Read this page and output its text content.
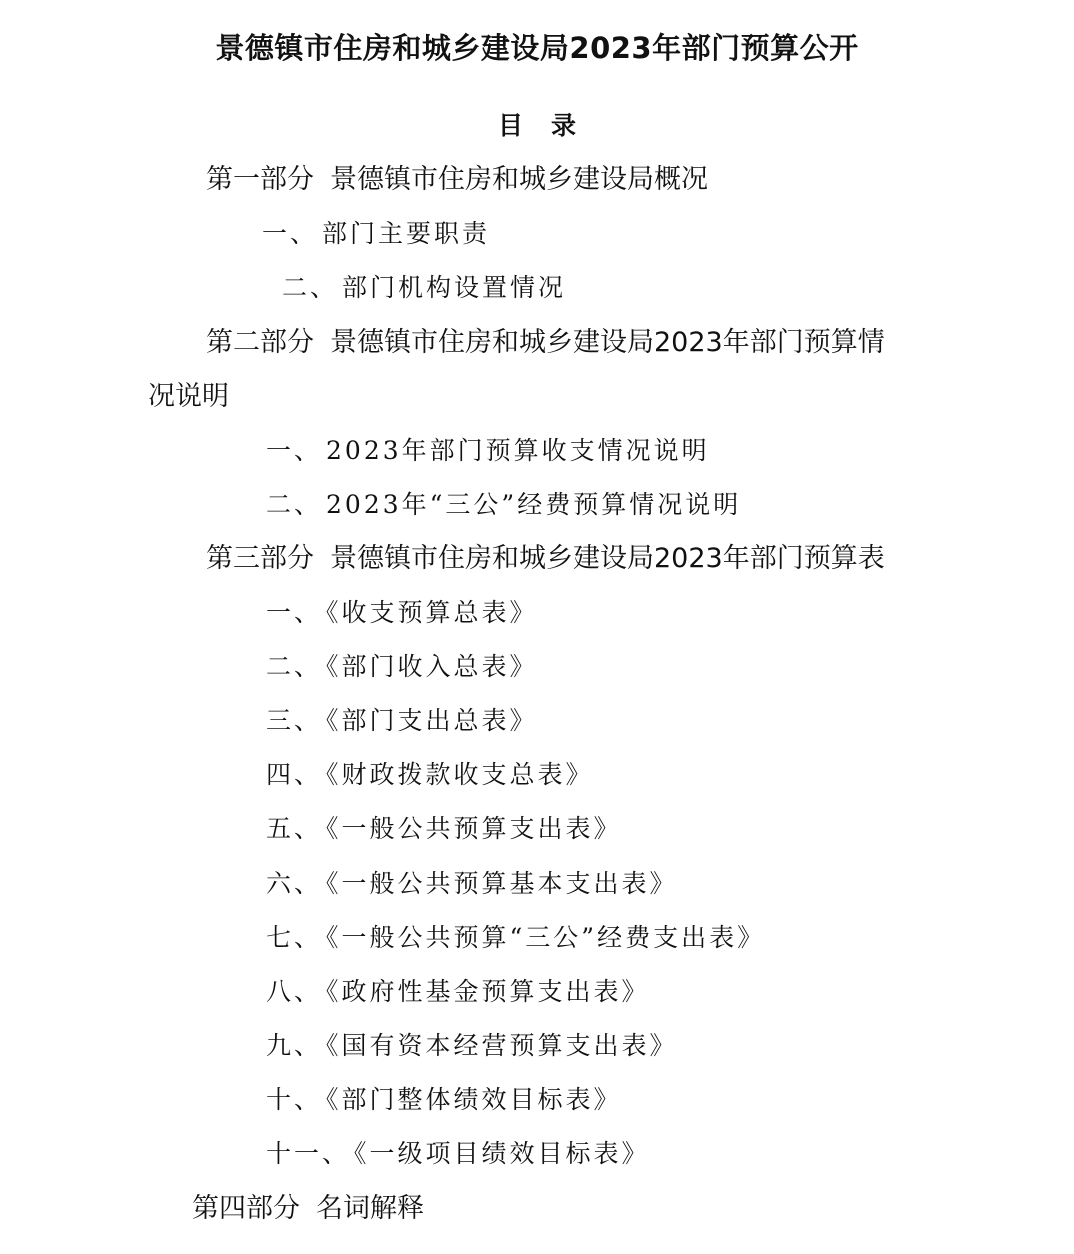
景德镇市住房和城乡建设局2023年部门预算公开
目 录
第一部分 景德镇市住房和城乡建设局概况
一、 部门主要职责
二、 部门机构设置情况
第二部分 景德镇市住房和城乡建设局2023年部门预算情
况说明
一、 2023年部门预算收支情况说明
二、 2023年“三公”经费预算情况说明
第三部分 景德镇市住房和城乡建设局2023年部门预算表
一、 《收支预算总表》
二、 《部门收入总表》
三、 《部门支出总表》
四、 《财政拨款收支总表》
五、 《一般公共预算支出表》
六、 《一般公共预算基本支出表》
七、 《一般公共预算“三公”经费支出表》
八、 《政府性基金预算支出表》
九、 《国有资本经营预算支出表》
十、 《部门整体绩效目标表》
十一、 《一级项目绩效目标表》
第四部分 名词解释
